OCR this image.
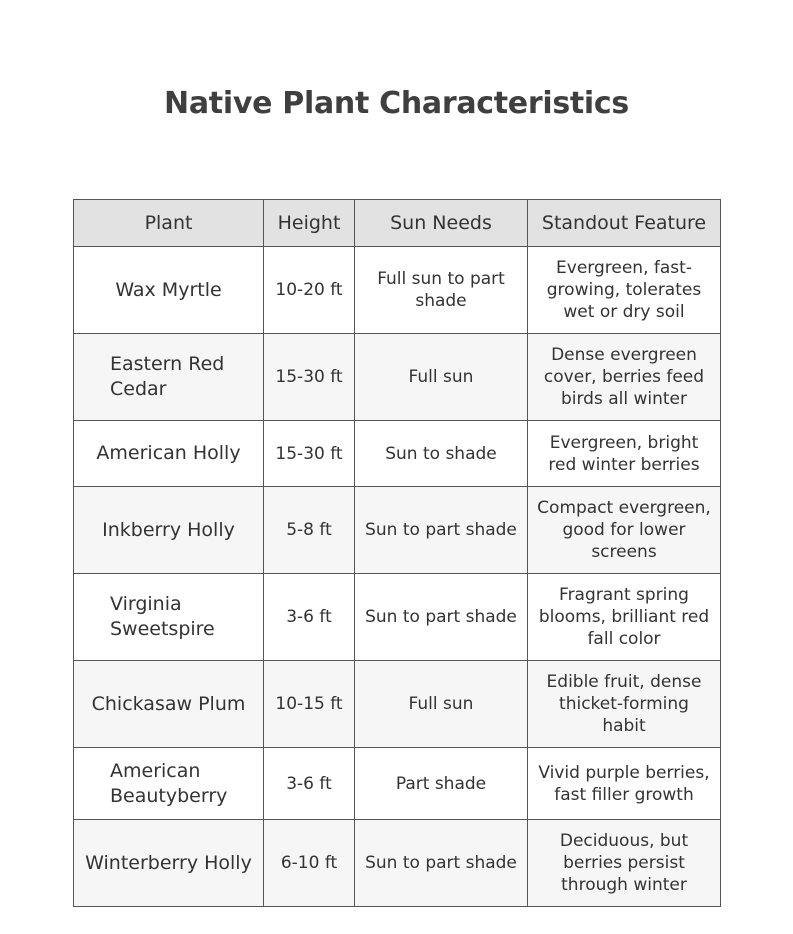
Native Plant Characteristics
Plant	Height	Sun Needs	Standout Feature
Wax Myrtle	10-20 ft	Full sun to part shade	Evergreen, fast-growing, tolerates wet or dry soil
Eastern Red Cedar	15-30 ft	Full sun	Dense evergreen cover, berries feed birds all winter
American Holly	15-30 ft	Sun to shade	Evergreen, bright red winter berries
Inkberry Holly	5-8 ft	Sun to part shade	Compact evergreen, good for lower screens
Virginia Sweetspire	3-6 ft	Sun to part shade	Fragrant spring blooms, brilliant red fall color
Chickasaw Plum	10-15 ft	Full sun	Edible fruit, dense thicket-forming habit
American Beautyberry	3-6 ft	Part shade	Vivid purple berries, fast filler growth
Winterberry Holly	6-10 ft	Sun to part shade	Deciduous, but berries persist through winter
